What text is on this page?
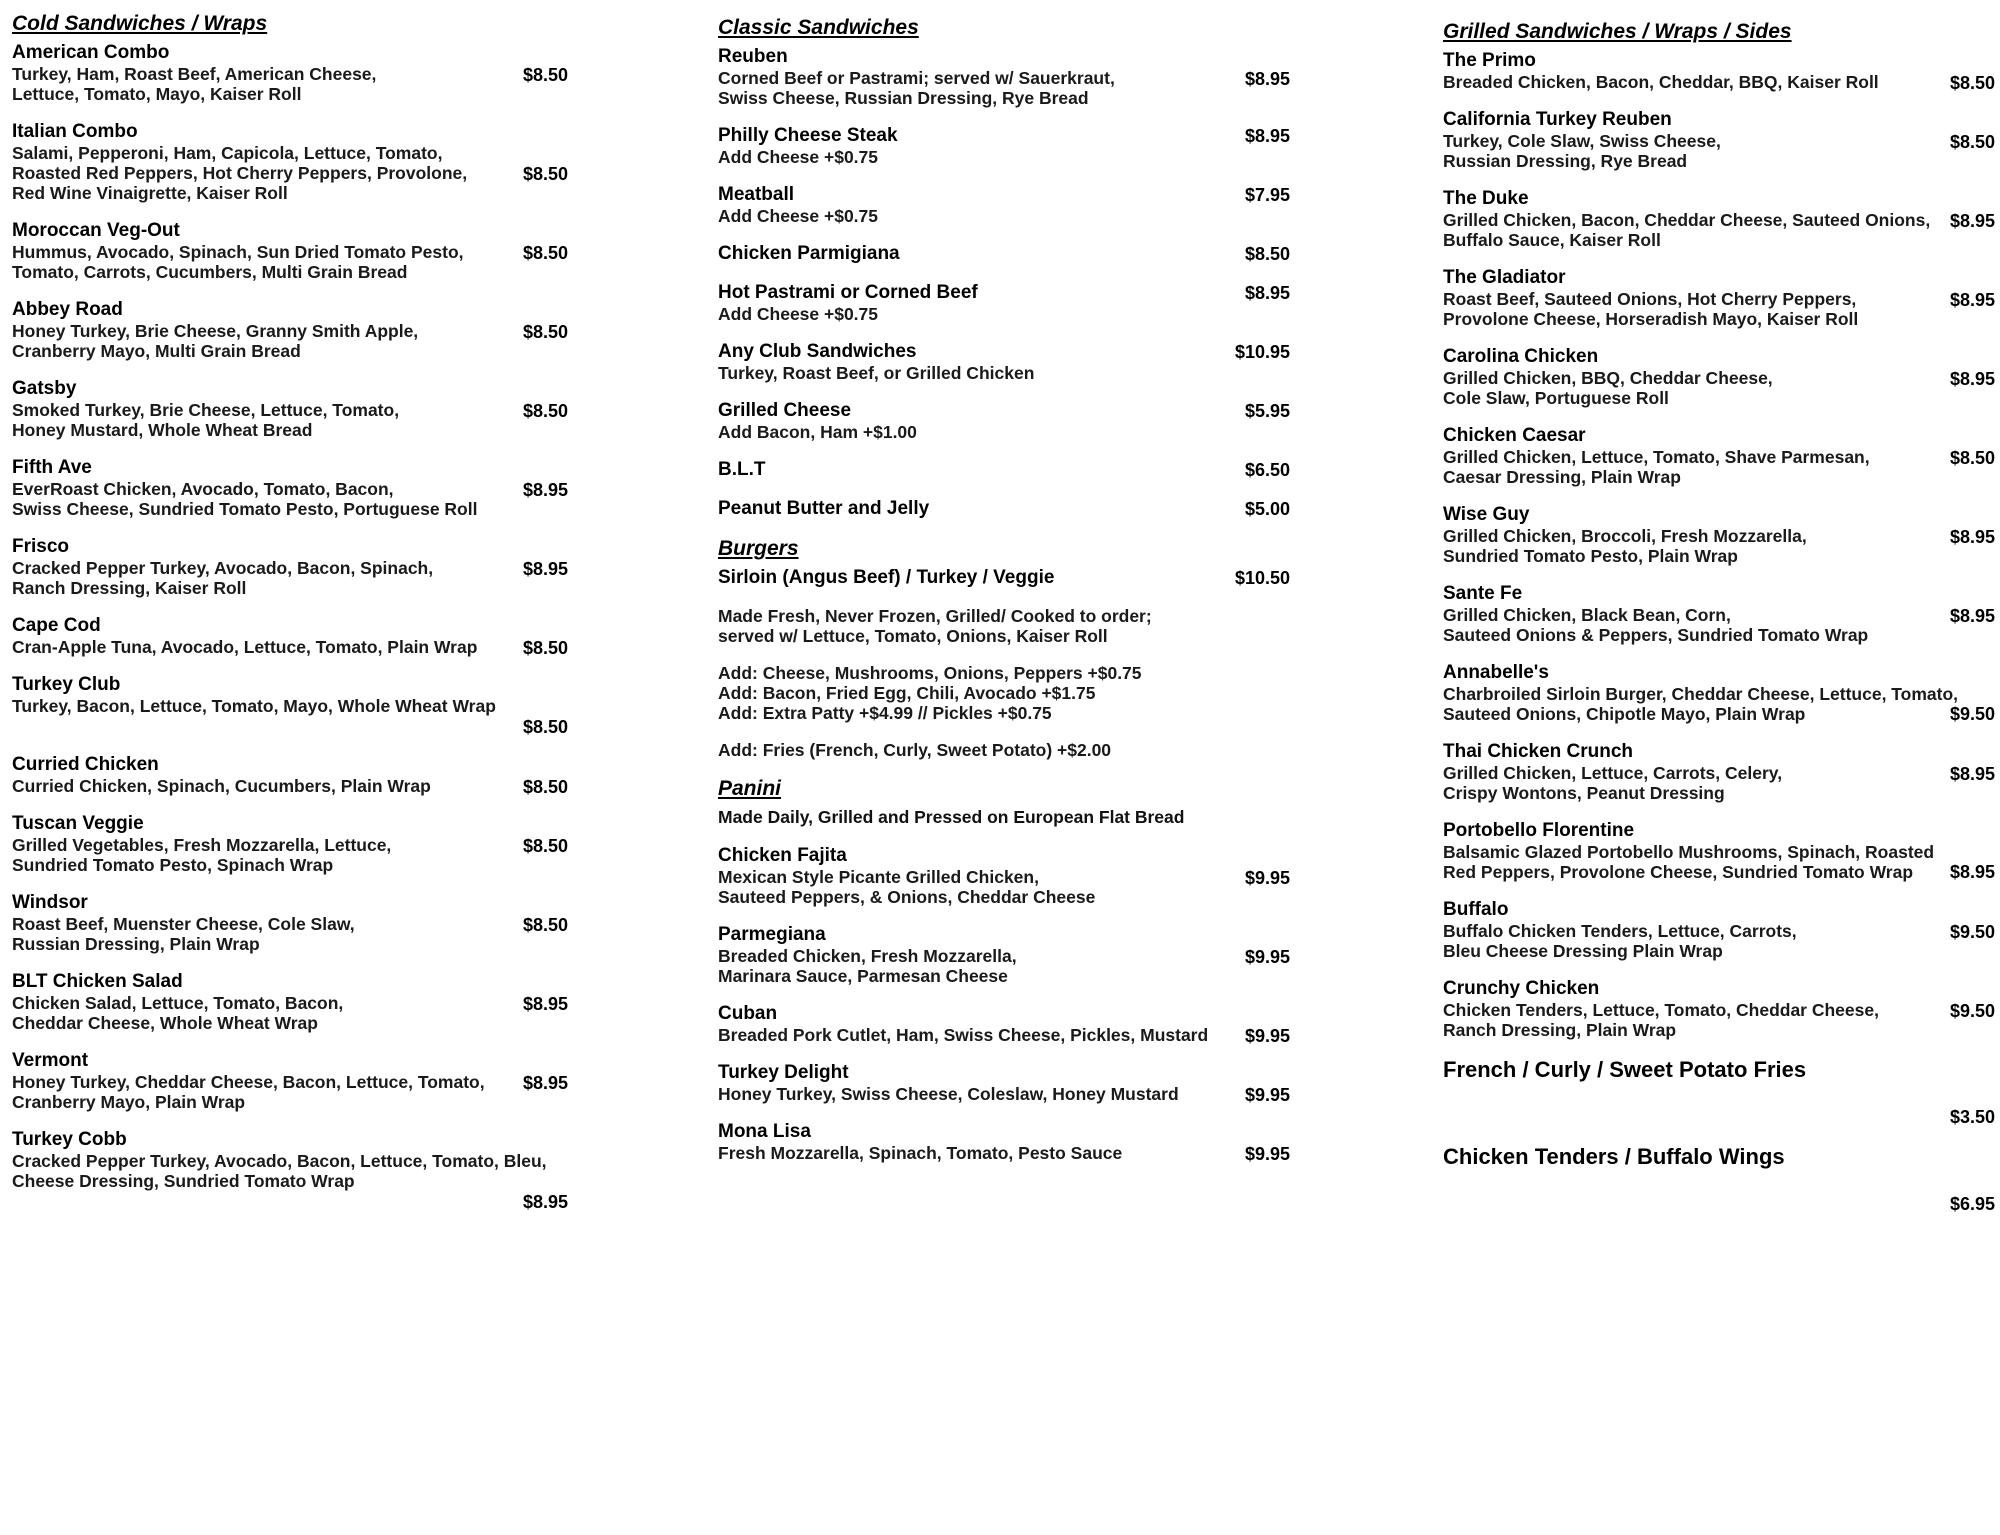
Cold Sandwiches / Wraps
American Combo
Turkey, Ham, Roast Beef, American Cheese,
Lettuce, Tomato, Mayo, Kaiser Roll
$8.50
Italian Combo
Salami, Pepperoni, Ham, Capicola, Lettuce, Tomato,
Roasted Red Peppers, Hot Cherry Peppers, Provolone,
Red Wine Vinaigrette, Kaiser Roll
$8.50
Moroccan Veg-Out
Hummus, Avocado, Spinach, Sun Dried Tomato Pesto,
Tomato, Carrots, Cucumbers, Multi Grain Bread
$8.50
Abbey Road
Honey Turkey, Brie Cheese, Granny Smith Apple,
Cranberry Mayo, Multi Grain Bread
$8.50
Gatsby
Smoked Turkey, Brie Cheese, Lettuce, Tomato,
Honey Mustard, Whole Wheat Bread
$8.50
Fifth Ave
EverRoast Chicken, Avocado, Tomato, Bacon,
Swiss Cheese, Sundried Tomato Pesto, Portuguese Roll
$8.95
Frisco
Cracked Pepper Turkey, Avocado, Bacon, Spinach,
Ranch Dressing, Kaiser Roll
$8.95
Cape Cod
Cran-Apple Tuna, Avocado, Lettuce, Tomato, Plain Wrap	$8.50
Turkey Club
Turkey, Bacon, Lettuce, Tomato, Mayo, Whole Wheat Wrap
$8.50
Curried Chicken
Curried Chicken, Spinach, Cucumbers, Plain Wrap	$8.50
Tuscan Veggie
Grilled Vegetables, Fresh Mozzarella, Lettuce,
Sundried Tomato Pesto, Spinach Wrap
$8.50
Windsor
Roast Beef, Muenster Cheese, Cole Slaw,
Russian Dressing, Plain Wrap
$8.50
BLT Chicken Salad
Chicken Salad, Lettuce, Tomato, Bacon,
Cheddar Cheese, Whole Wheat Wrap
$8.95
Vermont
Honey Turkey, Cheddar Cheese, Bacon, Lettuce, Tomato,
Cranberry Mayo, Plain Wrap
$8.95
Turkey Cobb
Cracked Pepper Turkey, Avocado, Bacon, Lettuce, Tomato, Bleu,
Cheese Dressing, Sundried Tomato Wrap
$8.95
Classic Sandwiches
Reuben
Corned Beef or Pastrami; served w/ Sauerkraut,
Swiss Cheese, Russian Dressing, Rye Bread
$8.95
Philly Cheese Steak
Add Cheese +$0.75
$8.95
Meatball
Add Cheese +$0.75
$7.95
Chicken Parmigiana	$8.50
Hot Pastrami or Corned Beef
Add Cheese +$0.75
$8.95
Any Club Sandwiches
Turkey, Roast Beef, or Grilled Chicken
$10.95
Grilled Cheese
Add Bacon, Ham +$1.00
$5.95
B.L.T	$6.50
Peanut Butter and Jelly	$5.00
Burgers
Sirloin (Angus Beef) / Turkey / Veggie	$10.50
Made Fresh, Never Frozen, Grilled/ Cooked to order;
served w/ Lettuce, Tomato, Onions, Kaiser Roll
Add: Cheese, Mushrooms, Onions, Peppers +$0.75
Add: Bacon, Fried Egg, Chili, Avocado +$1.75
Add: Extra Patty +$4.99 // Pickles +$0.75
Add: Fries (French, Curly, Sweet Potato) +$2.00
Panini
Made Daily, Grilled and Pressed on European Flat Bread
Chicken Fajita
Mexican Style Picante Grilled Chicken,
Sauteed Peppers, & Onions, Cheddar Cheese
$9.95
Parmegiana
Breaded Chicken, Fresh Mozzarella,
Marinara Sauce, Parmesan Cheese
$9.95
Cuban
Breaded Pork Cutlet, Ham, Swiss Cheese, Pickles, Mustard	$9.95
Turkey Delight
Honey Turkey, Swiss Cheese, Coleslaw, Honey Mustard	$9.95
Mona Lisa
Fresh Mozzarella, Spinach, Tomato, Pesto Sauce	$9.95
Grilled Sandwiches / Wraps / Sides
The Primo
Breaded Chicken, Bacon, Cheddar, BBQ, Kaiser Roll	$8.50
California Turkey Reuben
Turkey, Cole Slaw, Swiss Cheese,
Russian Dressing, Rye Bread
$8.50
The Duke
Grilled Chicken, Bacon, Cheddar Cheese, Sauteed Onions,
Buffalo Sauce, Kaiser Roll
$8.95
The Gladiator
Roast Beef, Sauteed Onions, Hot Cherry Peppers,
Provolone Cheese, Horseradish Mayo, Kaiser Roll
$8.95
Carolina Chicken
Grilled Chicken, BBQ, Cheddar Cheese,
Cole Slaw, Portuguese Roll
$8.95
Chicken Caesar
Grilled Chicken, Lettuce, Tomato, Shave Parmesan,
Caesar Dressing, Plain Wrap
$8.50
Wise Guy
Grilled Chicken, Broccoli, Fresh Mozzarella,
Sundried Tomato Pesto, Plain Wrap
$8.95
Sante Fe
Grilled Chicken, Black Bean, Corn,
Sauteed Onions & Peppers, Sundried Tomato Wrap
$8.95
Annabelle's
Charbroiled Sirloin Burger, Cheddar Cheese, Lettuce, Tomato,
Sauteed Onions, Chipotle Mayo, Plain Wrap	$9.50
Thai Chicken Crunch
Grilled Chicken, Lettuce, Carrots, Celery,
Crispy Wontons, Peanut Dressing
$8.95
Portobello Florentine
Balsamic Glazed Portobello Mushrooms, Spinach, Roasted
Red Peppers, Provolone Cheese, Sundried Tomato Wrap	$8.95
Buffalo
Buffalo Chicken Tenders, Lettuce, Carrots,
Bleu Cheese Dressing Plain Wrap
$9.50
Crunchy Chicken
Chicken Tenders, Lettuce, Tomato, Cheddar Cheese,
Ranch Dressing, Plain Wrap
$9.50
French / Curly / Sweet Potato Fries
$3.50
Chicken Tenders / Buffalo Wings
$6.95
